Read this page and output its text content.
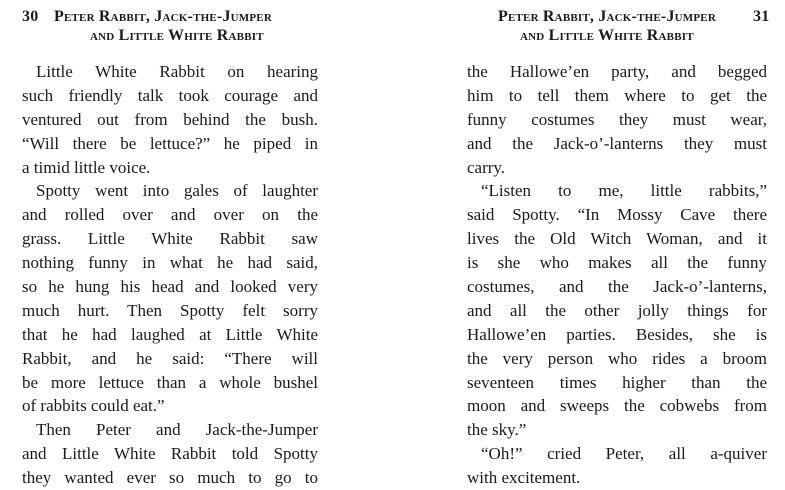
30 Peter Rabbit, Jack-the-Jumper
and Little White Rabbit
Little White Rabbit on hearing
such friendly talk took courage and
ventured out from behind the bush.
“Will there be lettuce?” he piped in
a timid little voice.
Spotty went into gales of laughter
and rolled over and over on the
grass. Little White Rabbit saw
nothing funny in what he had said,
so he hung his head and looked very
much hurt. Then Spotty felt sorry
that he had laughed at Little White
Rabbit, and he said: “There will
be more lettuce than a whole bushel
of rabbits could eat.”
Then Peter and Jack-the-Jumper
and Little White Rabbit told Spotty
they wanted ever so much to go to
Peter Rabbit, Jack-the-Jumper	31
and Little White Rabbit
the Hallowe’en party, and begged
him to tell them where to get the
funny costumes they must wear,
and the Jack-o’-lanterns they must
carry.
“Listen to me, little rabbits,”
said Spotty. “In Mossy Cave there
lives the Old Witch Woman, and it
is she who makes all the funny
costumes, and the Jack-o’-lanterns,
and all the other jolly things for
Hallowe’en parties. Besides, she is
the very person who rides a broom
seventeen times higher than the
moon and sweeps the cobwebs from
the sky.”
“Oh!” cried Peter, all a-quiver
with excitement.
